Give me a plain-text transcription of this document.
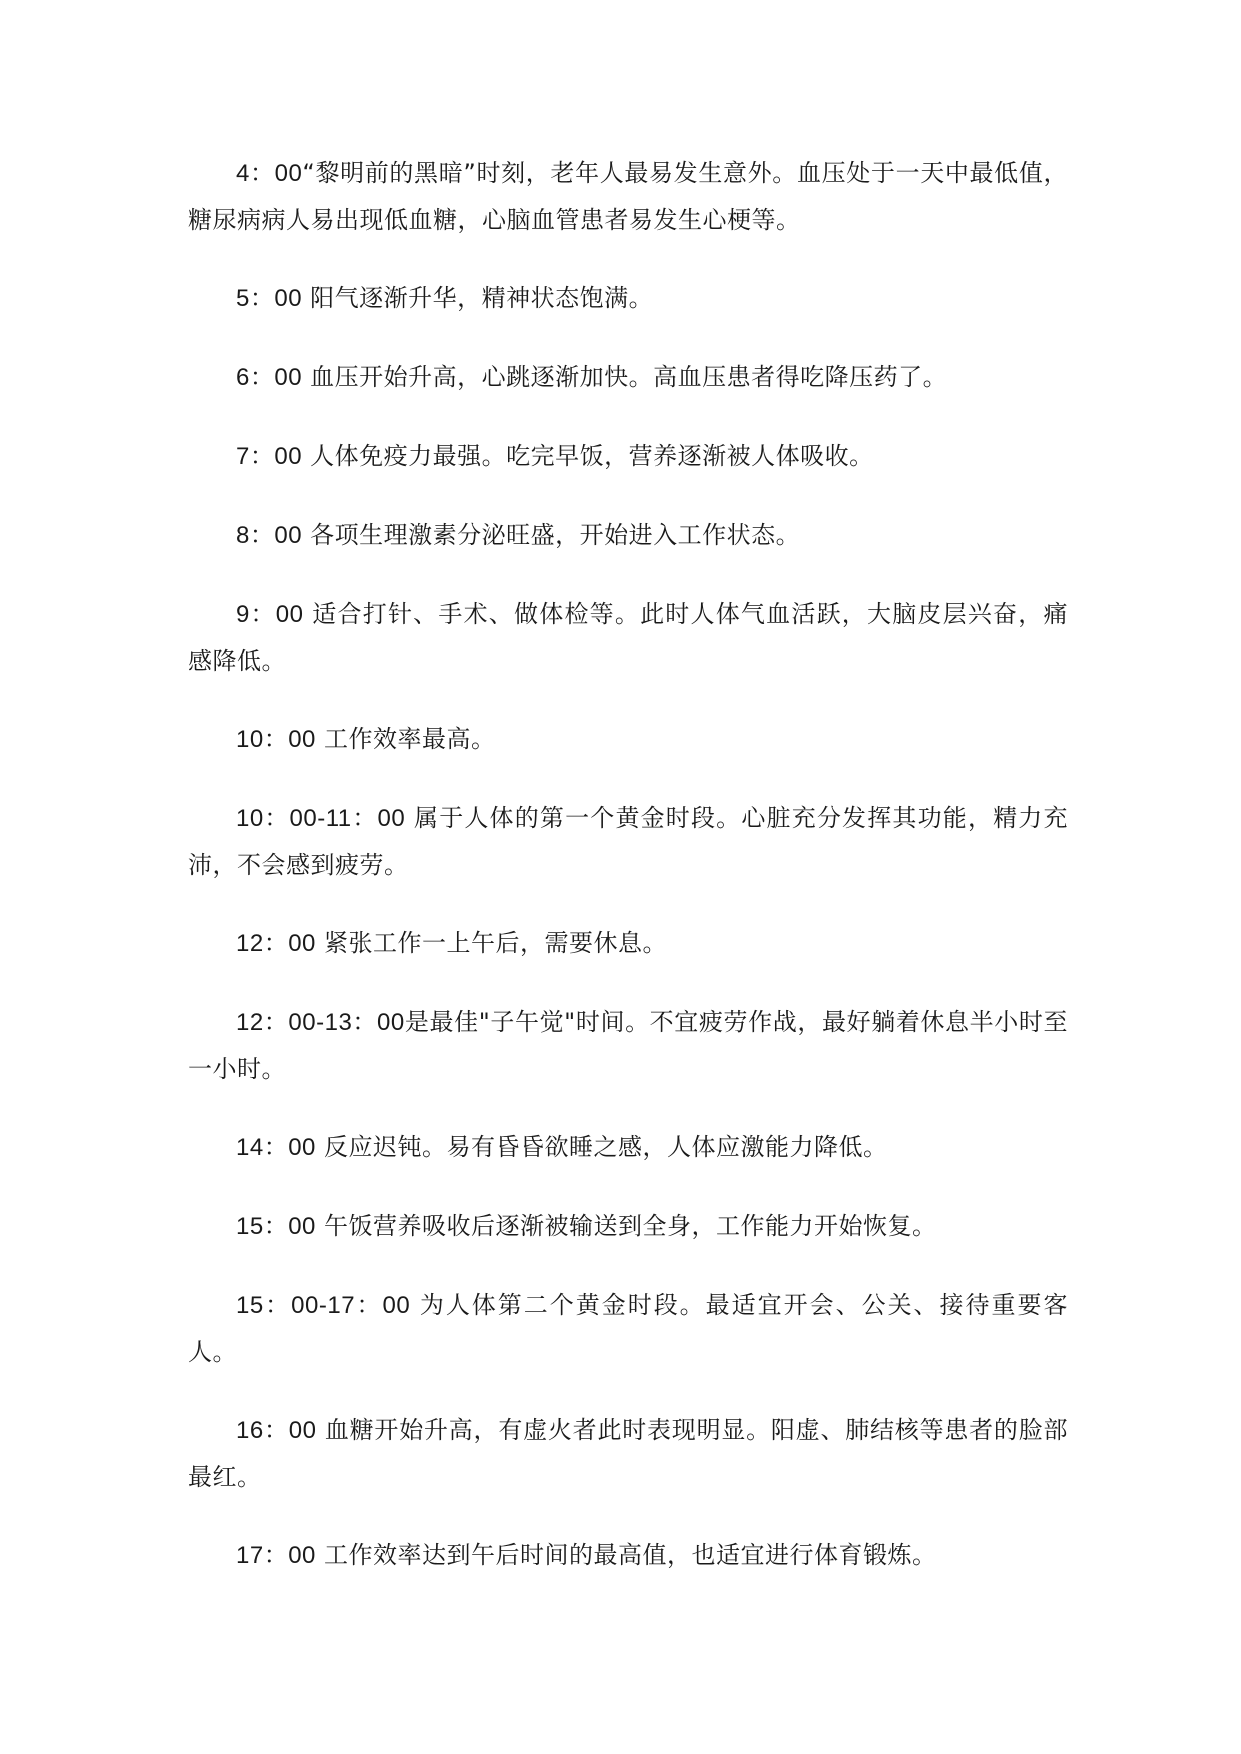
4：00“黎明前的黑暗”时刻，老年人最易发生意外。血压处于一天中最低值，糖尿病病人易出现低血糖，心脑血管患者易发生心梗等。

5：00 阳气逐渐升华，精神状态饱满。

6：00 血压开始升高，心跳逐渐加快。高血压患者得吃降压药了。

7：00 人体免疫力最强。吃完早饭，营养逐渐被人体吸收。

8：00 各项生理激素分泌旺盛，开始进入工作状态。

9：00 适合打针、手术、做体检等。此时人体气血活跃，大脑皮层兴奋，痛感降低。

10：00 工作效率最高。

10：00-11：00 属于人体的第一个黄金时段。心脏充分发挥其功能，精力充沛，不会感到疲劳。

12：00 紧张工作一上午后，需要休息。

12：00-13：00是最佳"子午觉"时间。不宜疲劳作战，最好躺着休息半小时至一小时。

14：00 反应迟钝。易有昏昏欲睡之感，人体应激能力降低。

15：00 午饭营养吸收后逐渐被输送到全身，工作能力开始恢复。

15：00-17：00 为人体第二个黄金时段。最适宜开会、公关、接待重要客人。

16：00 血糖开始升高，有虚火者此时表现明显。阳虚、肺结核等患者的脸部最红。

17：00 工作效率达到午后时间的最高值，也适宜进行体育锻炼。
